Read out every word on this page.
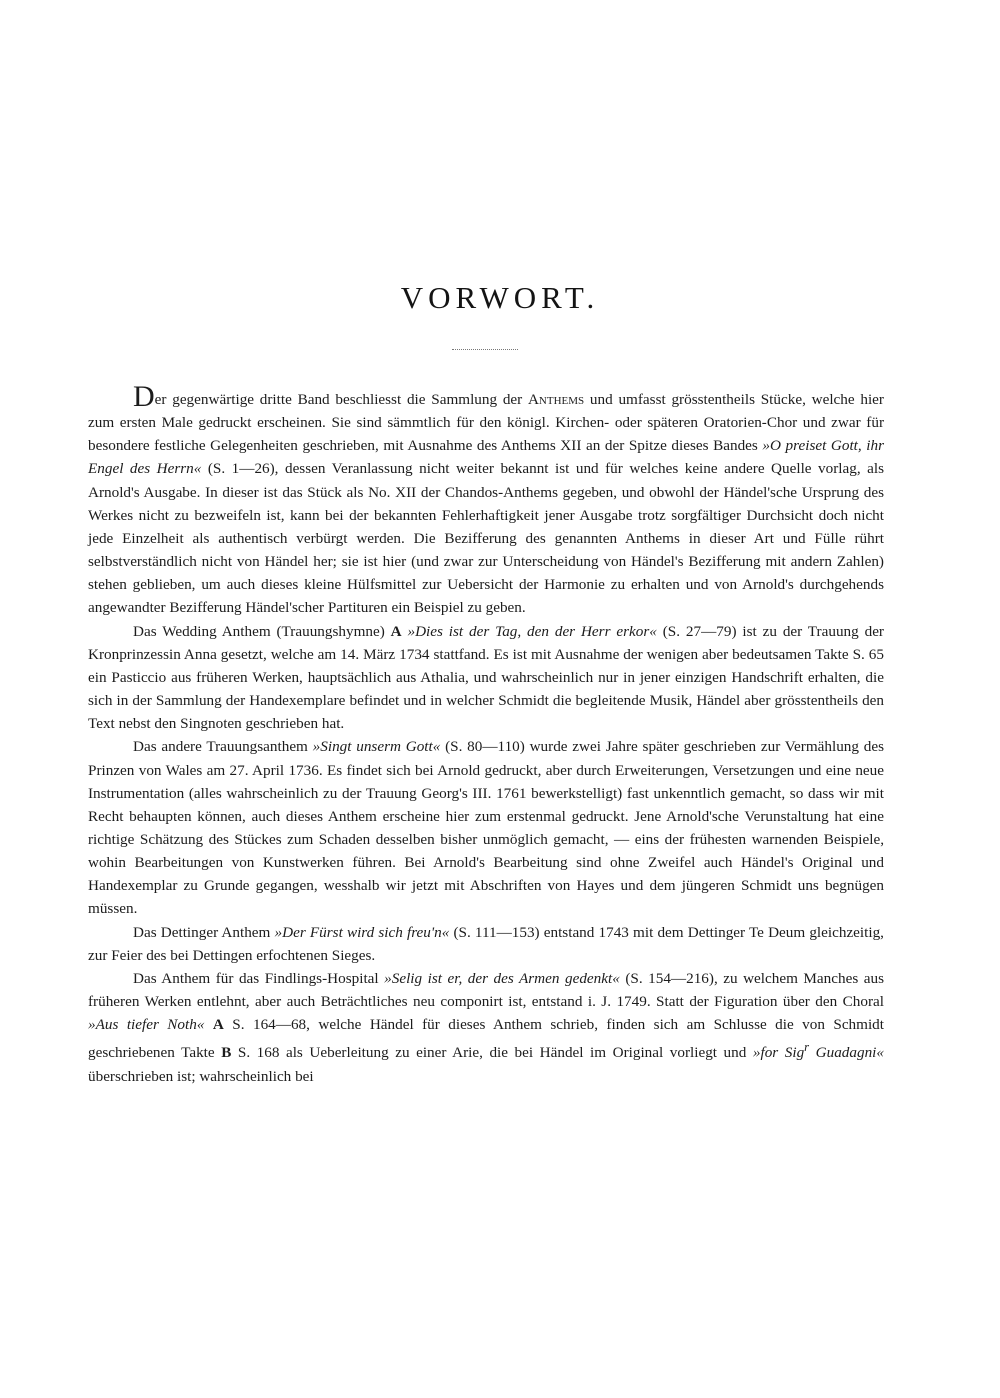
VORWORT.

Der gegenwärtige dritte Band beschliesst die Sammlung der Anthems und umfasst grösstentheils Stücke, welche hier zum ersten Male gedruckt erscheinen. Sie sind sämmtlich für den königl. Kirchen- oder späteren Oratorien-Chor und zwar für besondere festliche Gelegenheiten geschrieben, mit Ausnahme des Anthems XII an der Spitze dieses Bandes »O preiset Gott, ihr Engel des Herrn« (S. 1—26), dessen Veranlassung nicht weiter bekannt ist und für welches keine andere Quelle vorlag, als Arnold's Ausgabe. In dieser ist das Stück als No. XII der Chandos-Anthems gegeben, und obwohl der Händel'sche Ursprung des Werkes nicht zu bezweifeln ist, kann bei der bekannten Fehlerhaftigkeit jener Ausgabe trotz sorgfältiger Durchsicht doch nicht jede Einzelheit als authentisch verbürgt werden. Die Bezifferung des genannten Anthems in dieser Art und Fülle rührt selbstverständlich nicht von Händel her; sie ist hier (und zwar zur Unterscheidung von Händel's Bezifferung mit andern Zahlen) stehen geblieben, um auch dieses kleine Hülfsmittel zur Uebersicht der Harmonie zu erhalten und von Arnold's durchgehends angewandter Bezifferung Händel'scher Partituren ein Beispiel zu geben.

Das Wedding Anthem (Trauungshymne) A »Dies ist der Tag, den der Herr erkor« (S. 27—79) ist zu der Trauung der Kronprinzessin Anna gesetzt, welche am 14. März 1734 stattfand. Es ist mit Ausnahme der wenigen aber bedeutsamen Takte S. 65 ein Pasticcio aus früheren Werken, hauptsächlich aus Athalia, und wahrscheinlich nur in jener einzigen Handschrift erhalten, die sich in der Sammlung der Handexemplare befindet und in welcher Schmidt die begleitende Musik, Händel aber grösstentheils den Text nebst den Singnoten geschrieben hat.

Das andere Trauungsanthem »Singt unserm Gott« (S. 80—110) wurde zwei Jahre später geschrieben zur Vermählung des Prinzen von Wales am 27. April 1736. Es findet sich bei Arnold gedruckt, aber durch Erweiterungen, Versetzungen und eine neue Instrumentation (alles wahrscheinlich zu der Trauung Georg's III. 1761 bewerkstelligt) fast unkenntlich gemacht, so dass wir mit Recht behaupten können, auch dieses Anthem erscheine hier zum erstenmal gedruckt. Jene Arnold'sche Verunstaltung hat eine richtige Schätzung des Stückes zum Schaden desselben bisher unmöglich gemacht, — eins der frühesten warnenden Beispiele, wohin Bearbeitungen von Kunstwerken führen. Bei Arnold's Bearbeitung sind ohne Zweifel auch Händel's Original und Handexemplar zu Grunde gegangen, wesshalb wir jetzt mit Abschriften von Hayes und dem jüngeren Schmidt uns begnügen müssen.

Das Dettinger Anthem »Der Fürst wird sich freu'n« (S. 111—153) entstand 1743 mit dem Dettinger Te Deum gleichzeitig, zur Feier des bei Dettingen erfochtenen Sieges.

Das Anthem für das Findlings-Hospital »Selig ist er, der des Armen gedenkt« (S. 154—216), zu welchem Manches aus früheren Werken entlehnt, aber auch Beträchtliches neu componirt ist, entstand i. J. 1749. Statt der Figuration über den Choral »Aus tiefer Noth« A S. 164—68, welche Händel für dieses Anthem schrieb, finden sich am Schlusse die von Schmidt geschriebenen Takte B S. 168 als Ueberleitung zu einer Arie, die bei Händel im Original vorliegt und »for Sig$^r$ Guadagni« überschrieben ist; wahrscheinlich bei
